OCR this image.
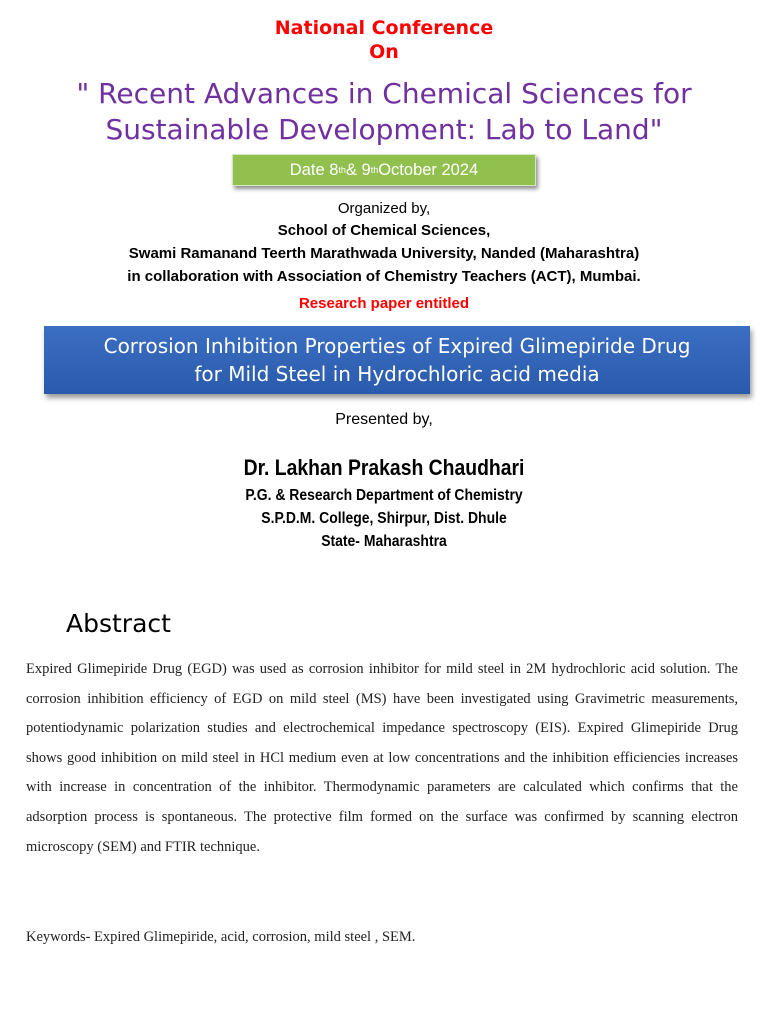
National Conference
On
" Recent Advances in Chemical Sciences for
Sustainable Development: Lab to Land"
Date 8 th & 9 th October 2024
Organized by,
School of Chemical Sciences,
Swami Ramanand Teerth Marathwada University, Nanded (Maharashtra)
in collaboration with Association of Chemistry Teachers (ACT), Mumbai.
Research paper entitled
Corrosion Inhibition Properties of Expired Glimepiride Drug
for Mild Steel in Hydrochloric acid media
Presented by,
Dr. Lakhan Prakash Chaudhari
P.G. & Research Department of Chemistry
S.P.D.M. College, Shirpur, Dist. Dhule
State- Maharashtra
Abstract
Expired Glimepiride Drug (EGD) was used as corrosion inhibitor for mild steel in 2M hydrochloric acid solution. The corrosion inhibition efficiency of EGD on mild steel (MS) have been investigated using Gravimetric measurements, potentiodynamic polarization studies and electrochemical impedance spectroscopy (EIS). Expired Glimepiride Drug shows good inhibition on mild steel in HCl medium even at low concentrations and the inhibition efficiencies increases with increase in concentration of the inhibitor. Thermodynamic parameters are calculated which confirms that the adsorption process is spontaneous. The protective film formed on the surface was confirmed by scanning electron microscopy (SEM) and FTIR technique.
Keywords- Expired Glimepiride, acid, corrosion, mild steel , SEM.
